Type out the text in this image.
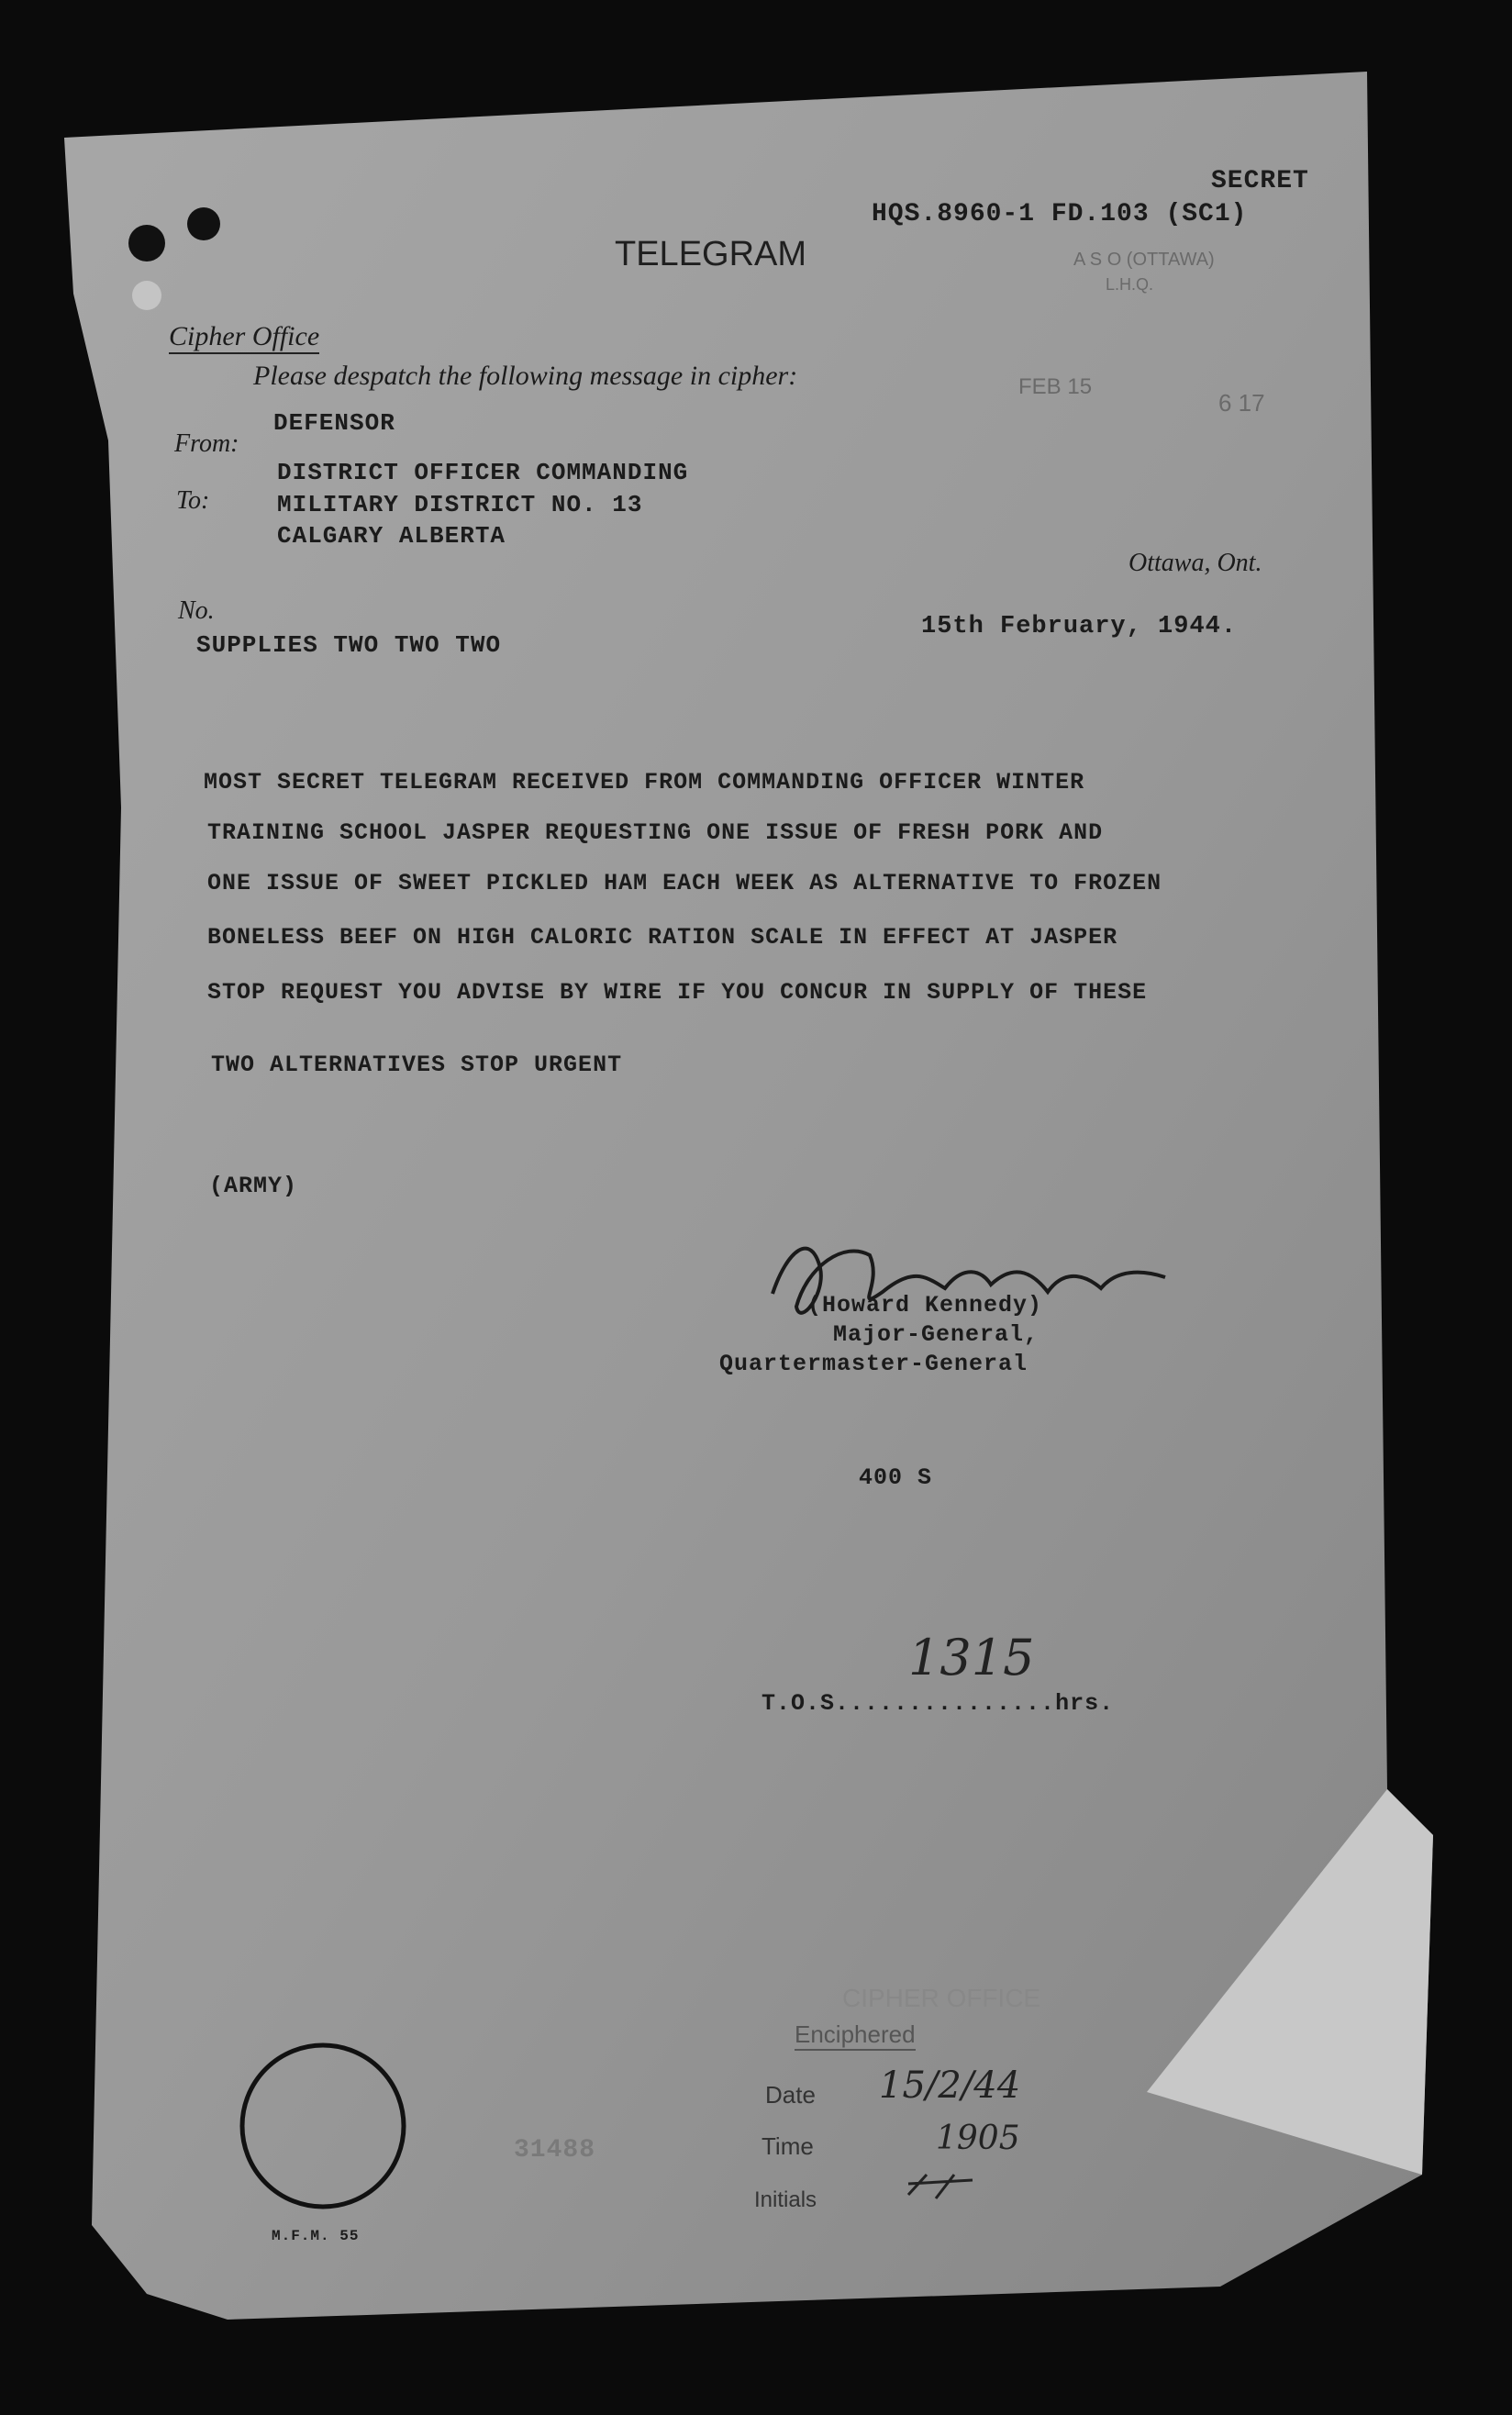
SECRET
HQS.8960-1 FD.103 (SC1)
TELEGRAM	A S O (OTTAWA)
L.H.Q.
FEB 15
6 17
Cipher Office
Please despatch the following message in cipher:
From:
DEFENSOR
To:
DISTRICT OFFICER COMMANDING
MILITARY DISTRICT NO. 13
CALGARY ALBERTA
Ottawa, Ont.
No.
SUPPLIES TWO TWO TWO
15th February, 1944.
MOST SECRET TELEGRAM RECEIVED FROM COMMANDING OFFICER WINTER
TRAINING SCHOOL JASPER REQUESTING ONE ISSUE OF FRESH PORK AND
ONE ISSUE OF SWEET PICKLED HAM EACH WEEK AS ALTERNATIVE TO FROZEN
BONELESS BEEF ON HIGH CALORIC RATION SCALE IN EFFECT AT JASPER
STOP REQUEST YOU ADVISE BY WIRE IF YOU CONCUR IN SUPPLY OF THESE
TWO ALTERNATIVES STOP URGENT
(ARMY)
(Howard Kennedy)
Major-General,
Quartermaster-General
400 S
1315
T.O.S...............hrs.
M.F.M. 55
31488
CIPHER OFFICE
Enciphered
Date 15/2/44
Time	1905
Initials
